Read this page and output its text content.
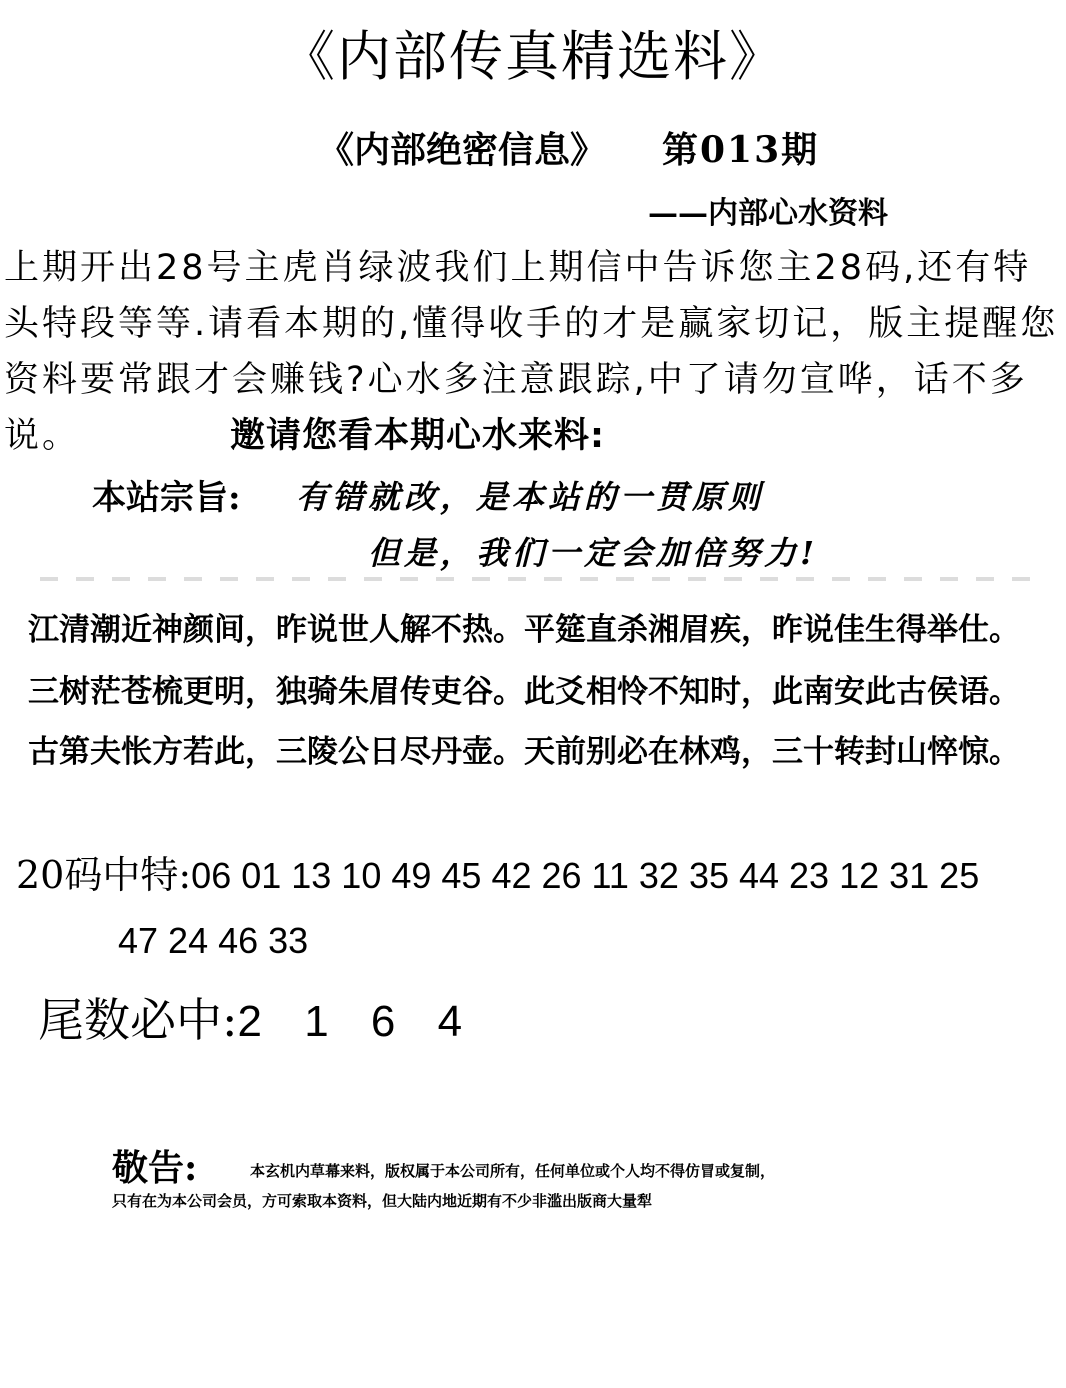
《内部传真精选料》
《内部绝密信息》 第013期
——内部心水资料
上期开出28号主虎肖绿波我们上期信中告诉您主28码,还有特头特段等等.请看本期的,懂得收手的才是赢家切记，版主提醒您资料要常跟才会赚钱?心水多注意跟踪,中了请勿宣哗，话不多说。	邀请您看本期心水来料:
本站宗旨: 有错就改，是本站的一贯原则
但是，我们一定会加倍努力!
江清潮近神颜间，昨说世人解不热。平筵直杀湘眉疾，昨说佳生得举仕。
三树茫苍梳更明，独骑朱眉传吏谷。此爻相怜不知时，此南安此古侯语。
古第夫怅方若此，三陵公日尽丹壶。天前别必在林鸡，三十转封山悴惊。
20码中特:06 01 13 10 49 45 42 26 11 32 35 44 23 12 31 25
47 24 46 33
尾数必中:2 1 6 4
敬告:	本玄机内草幕来料，版权属于本公司所有，任何单位或个人均不得仿冒或复制，
只有在为本公司会员，方可索取本资料，但大陆内地近期有不少非滥出版商大量犁
